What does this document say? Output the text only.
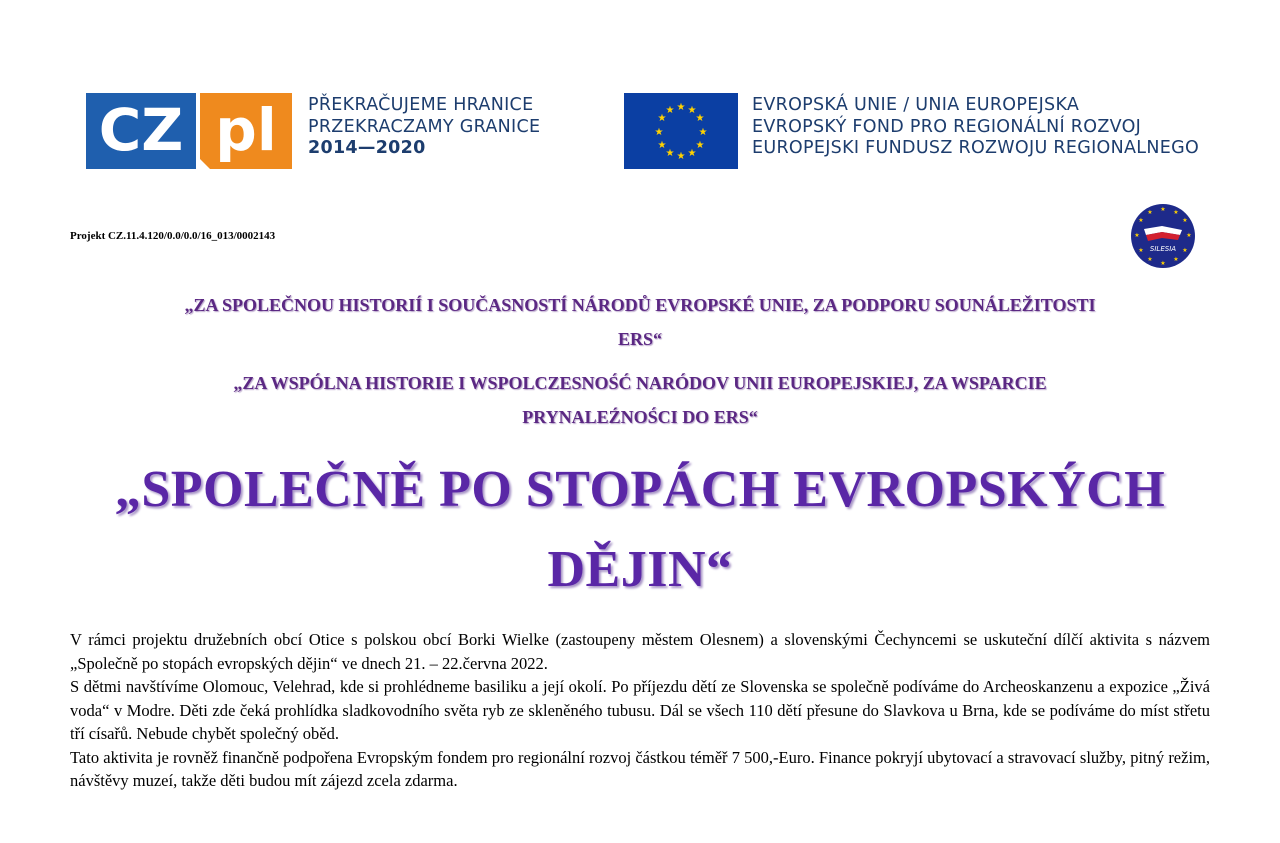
CZ pl PŘEKRAČUJEME HRANICE
PRZEKRACZAMY GRANICE
2014—2020
★ ★
★
★
★
★
★
★
★
★
★
★	EVROPSKÁ UNIE / UNIA EUROPEJSKA
EVROPSKÝ FOND PRO REGIONÁLNÍ ROZVOJ
EUROPEJSKI FUNDUSZ ROZWOJU REGIONALNEGO
Projekt CZ.11.4.120/0.0/0.0/16_013/0002143
★ ★
★
★
★
★
★
★
★
★
★
★
SILESIA
„ZA SPOLEČNOU HISTORIÍ I SOUČASNOSTÍ NÁRODŮ EVROPSKÉ UNIE, ZA PODPORU SOUNÁLEŽITOSTI
ERS“
„ZA WSPÓLNA HISTORIE I WSPOLCZESNOŚĆ NARÓDOV UNII EUROPEJSKIEJ, ZA WSPARCIE
PRYNALEŹNOŚCI DO ERS“
„SPOLEČNĚ PO STOPÁCH EVROPSKÝCH
DĚJIN“

V rámci projektu družebních obcí Otice s polskou obcí Borki Wielke (zastoupeny městem Olesnem) a slovenskými Čechyncemi se uskuteční dílčí aktivita s názvem „Společně po stopách evropských dějin“ ve dnech 21. – 22.června 2022.

S dětmi navštívíme Olomouc, Velehrad, kde si prohlédneme basiliku a její okolí. Po příjezdu dětí ze Slovenska se společně podíváme do Archeoskanzenu a expozice „Živá voda“ v Modre. Děti zde čeká prohlídka sladkovodního světa ryb ze skleněného tubusu. Dál se všech 110 dětí přesune do Slavkova u Brna, kde se podíváme do míst střetu tří císařů. Nebude chybět společný oběd.

Tato aktivita je rovněž finančně podpořena Evropským fondem pro regionální rozvoj částkou téměř 7 500,-Euro. Finance pokryjí ubytovací a stravovací služby, pitný režim, návštěvy muzeí, takže děti budou mít zájezd zcela zdarma.
